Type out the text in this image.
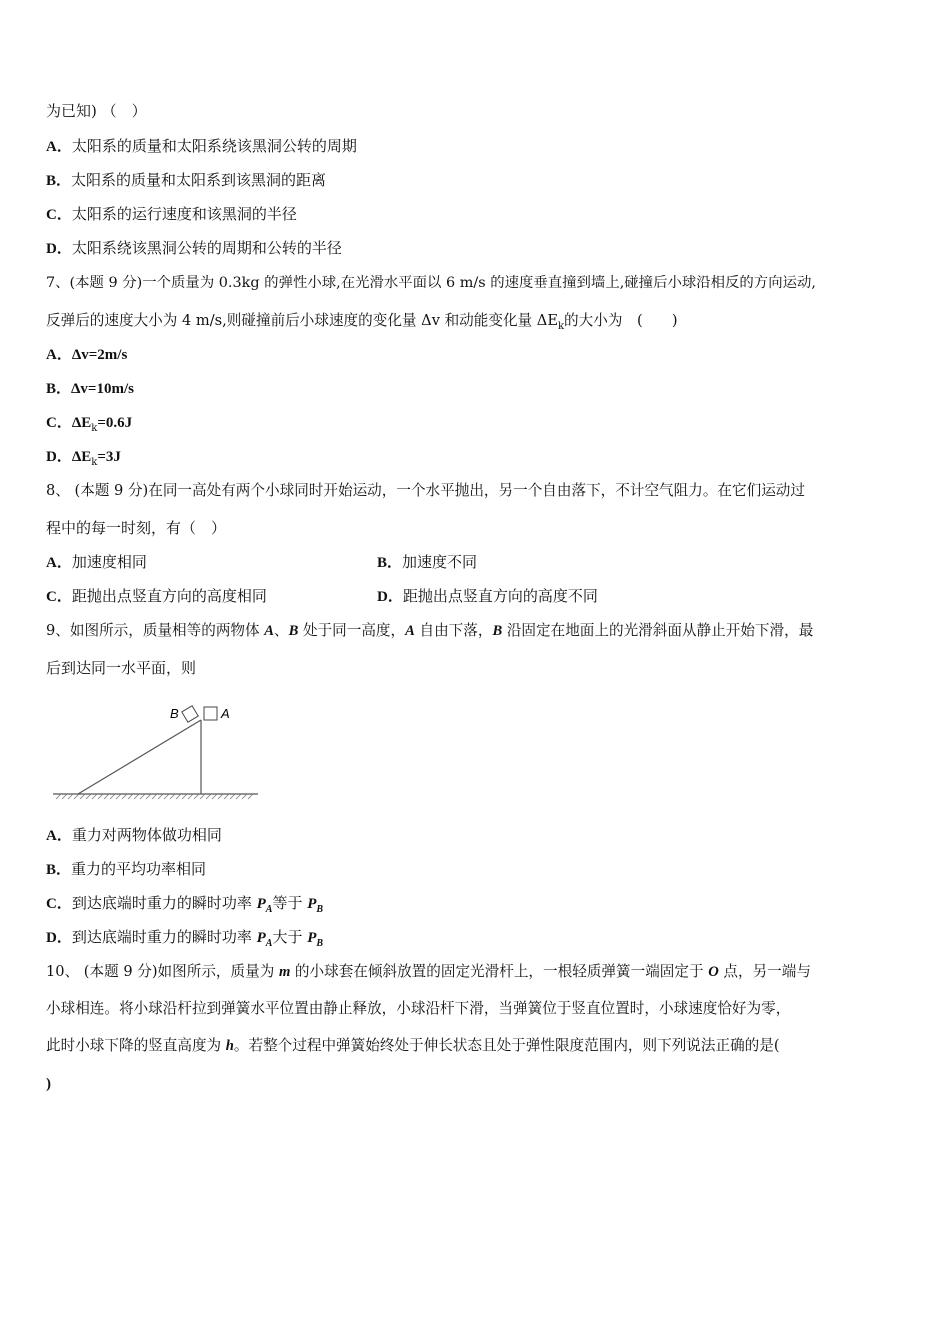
为已知) （　）
A．太阳系的质量和太阳系绕该黑洞公转的周期
B．太阳系的质量和太阳系到该黑洞的距离
C．太阳系的运行速度和该黑洞的半径
D．太阳系绕该黑洞公转的周期和公转的半径
7、(本题 9 分)一个质量为 0.3kg 的弹性小球,在光滑水平面以 6 m/s 的速度垂直撞到墙上,碰撞后小球沿相反的方向运动,
反弹后的速度大小为 4 m/s,则碰撞前后小球速度的变化量 Δv 和动能变化量 $\Delta E_k$的大小为　(　　)
A．Δv=2m/s
B．Δv=10m/s
C．$\Delta E_k=0.6J$
D．$\Delta E_k=3J$
8、 (本题 9 分)在同一高处有两个小球同时开始运动，一个水平抛出，另一个自由落下，不计空气阻力。在它们运动过
程中的每一时刻，有（　）
A．加速度相同	B．加速度不同
C．距抛出点竖直方向的高度相同	D．距抛出点竖直方向的高度不同
9、如图所示，质量相等的两物体 A、B 处于同一高度，A 自由下落，B 沿固定在地面上的光滑斜面从静止开始下滑，最
后到达同一水平面，则
B	A
A．重力对两物体做功相同
B．重力的平均功率相同
C．到达底端时重力的瞬时功率 $P_A$等于 $P_B$
D．到达底端时重力的瞬时功率 $P_A$大于 $P_B$
10、 (本题 9 分)如图所示，质量为 m 的小球套在倾斜放置的固定光滑杆上，一根轻质弹簧一端固定于 O 点，另一端与
小球相连。将小球沿杆拉到弹簧水平位置由静止释放，小球沿杆下滑，当弹簧位于竖直位置时，小球速度恰好为零，
此时小球下降的竖直高度为 h。若整个过程中弹簧始终处于伸长状态且处于弹性限度范围内，则下列说法正确的是(
)
